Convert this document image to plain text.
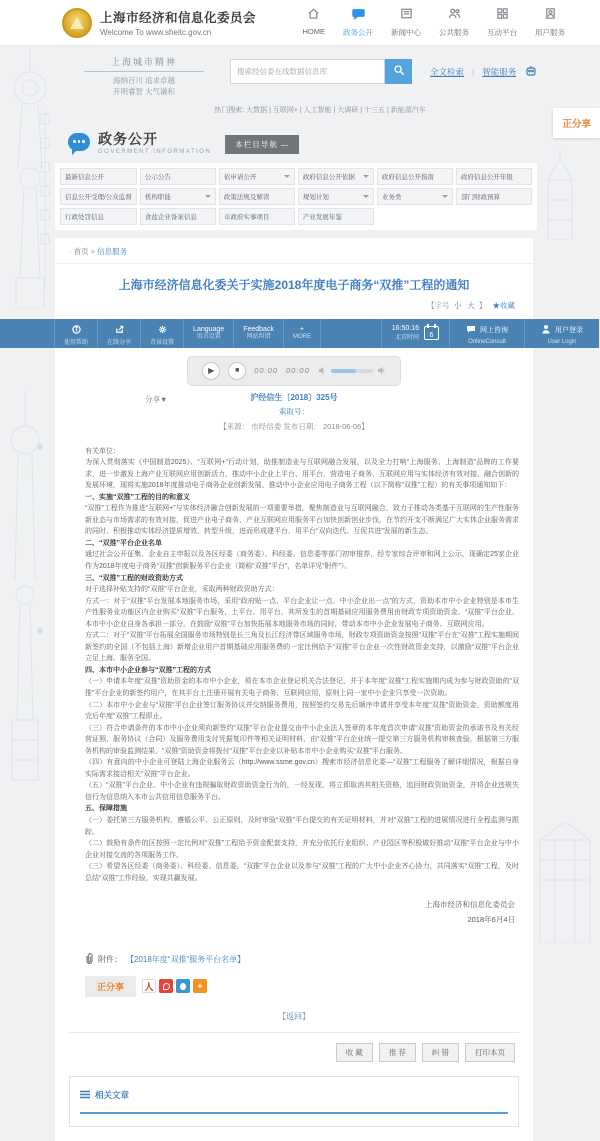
上海市经济和信息化委员会
Welcome To www.sheitc.gov.cn	HOME 政务公开 新闻中心 公共服务 互动平台 用户服务
上海城市精神
海纳百川 追求卓越
开明睿智 大气谦和
搜索经信委在线数据信息库
全文检索 | 智能服务
热门搜索: 大数据 | 互联网+ | 人工智能 | 大调研 | 十三五 | 新能源汽车
政务公开
GOVERMENT INFORMATION
本栏目导航 —
正分享
最新信息公开	公示公告	依申请公开	政府信息公开依据	政府信息公开指南	政府信息公开年报
信息公开受理/公众监督 机构职能	政策法规及解读	规划计划	业务类	部门财政预算
行政处罚信息	食盐企业备案信息	市政府实事项目	产业发展年鉴
· 首页 > 信息服务
上海市经济信息化委关于实施2018年度电子商务“双推”工程的通知
【字号 小 大 】 ★收藏
使用帮助	在线分享	背景设置
Language
语言设置
Feedback
网站纠错
+
MORE
16:50:16
北京时间 6
网上咨询
OnlineConsult
用户登录
User Login
▶	■	00:00 00:00
分享▼	沪经信生〔2018〕325号
索取号：
【来源： 市经信委 发布日期： 2018-06-06】

有关单位：

为深入贯彻落实《中国制造2025》、“互联网+”行动计划，助推制造业与互联网融合发展，以及全力打响“上海服务、上海制造”品牌的工作要求，进一步激发上海产业互联网应用创新活力，推动中小企业上平台、用平台，营造电子商务、互联网应用与实体经济有效对接、融合创新的发展环境，现将实施2018年度推动电子商务企业创新发展、推动中小企业应用电子商务工程（以下简称“双推”工程）的有关事项通知如下：

一、实施“双推”工程的目的和意义

“双推”工程作为推进“互联网+”与实体经济融合创新发展的一项重要举措，聚焦制造业与互联网融合，致力于推动各类基于互联网的生产性服务新业态与市场需求的有效对接，促进产业电子商务、产业互联网应用服务平台加快创新创业步伐，在节约开支不断满足广大实体企业服务需求的同时，积极推动实体经济提质增效、转型升级，进而形成建平台、用平台“双向迭代、互促共进”发展的新生态。

二、“双推”平台企业名单

通过社会公开征集、企业自主申报以及各区经委（商务委）、科经委、信息委等部门初审推荐，经专家综合评审和网上公示，现确定25家企业作为2018年度电子商务“双推”创新服务平台企业（简称“双推”平台”，名单详见“附件”）。

三、“双推”工程的财政资助方式

对于选择补贴支持的“双推”平台企业，采取两种财政资助方式：

方式一：对于“双推”平台发展本地服务市场，采用“政府贴一点、平台企业让一点、中小企业出一点”的方式，资助本市中小企业特别是本市生产性服务业功能区内企业购买“双推”平台服务，上平台、用平台，其所发生的首期基础应用服务费用由财政专项资助资金、“双推”平台企业、本市中小企业自身各承担一部分。在鼓励“双推”平台加快拓展本地服务市场的同时，带动本市中小企业发展电子商务、互联网应用。

方式二：对于“双推”平台拓展全国服务市场特别是长三角及长江经济带区域服务市场，财政专项资助资金按照“双推”平台在“双推”工程实施期间新签约的全国（不包括上海）新增企业用户首期基础应用服务费的一定比例给予“双推”平台企业一次性财政资金支持，以激励“双推”平台企业立足上海、服务全国。

四、本市中小企业参与“双推”工程的方式

（一）申请本年度“双推”资助资金的本市中小企业，须在本市企业登记机关合法登记，并于本年度“双推”工程实施期内成为参与财政资助的“双推”平台企业的新签约用户，在其平台上注册开展有关电子商务、互联网应用，原则上同一家中小企业只享受一次资助。

（二）本市中小企业与“双推”平台企业签订服务协议并交纳服务费用，按照签约交易先后顺序申请并享受本年度“双推”资助资金，资助额度用完后年度“双推”工程即止。

（三）符合申请条件的本市中小企业须向新签约“双推”平台企业提交由中小企业法人签章的本年度首次申请“双推”资助资金的承诺书及有关经营证照、服务协议（合同）及服务费用支付凭据复印件等相关证明材料，由“双推”平台企业统一提交第三方服务机构审核查验，根据第三方服务机构的审验监测结果，“双推”资助资金将拨付“双推”平台企业以补贴本市中小企业购买“双推”平台服务。

（四）有意向的中小企业可登陆上海企业服务云（http://www.ssme.gov.cn）搜索市经济信息化委—“双推”工程服务了解详细情况，根据自身实际需求接洽相关“双推”平台企业。

（五）“双推”平台企业、中小企业有违规骗取财政资助资金行为的，一经发现，将立即取消其相关资格，追回财政资助资金，并将企业违规失信行为信息纳入本市公共信用信息服务平台。

五、保障措施

（一）委托第三方服务机构，遵循公平、公正原则，及时审验“双推”平台提交的有关证明材料，并对“双推”工程的进展情况进行全程监测与跟踪。

（二）鼓励有条件的区按照一定比例对“双推”工程给予资金配套支持，并充分依托行业组织、产业园区等积极做好推动“双推”平台企业与中小企业对接交流的各项服务工作。

（三）希望各区经委（商务委）、科经委、信息委，“双推”平台企业以及参与“双推”工程的广大中小企业齐心协力，共同落实“双推”工程，及时总结“双推”工作经验，实现共赢发展。

上海市经济和信息化委员会
2018年6月4日
附件： 【2018年度“双推”服务平台名单】
正分享	人	+
【返回】
收 藏	推 荐	纠 错	打印本页
相关文章
